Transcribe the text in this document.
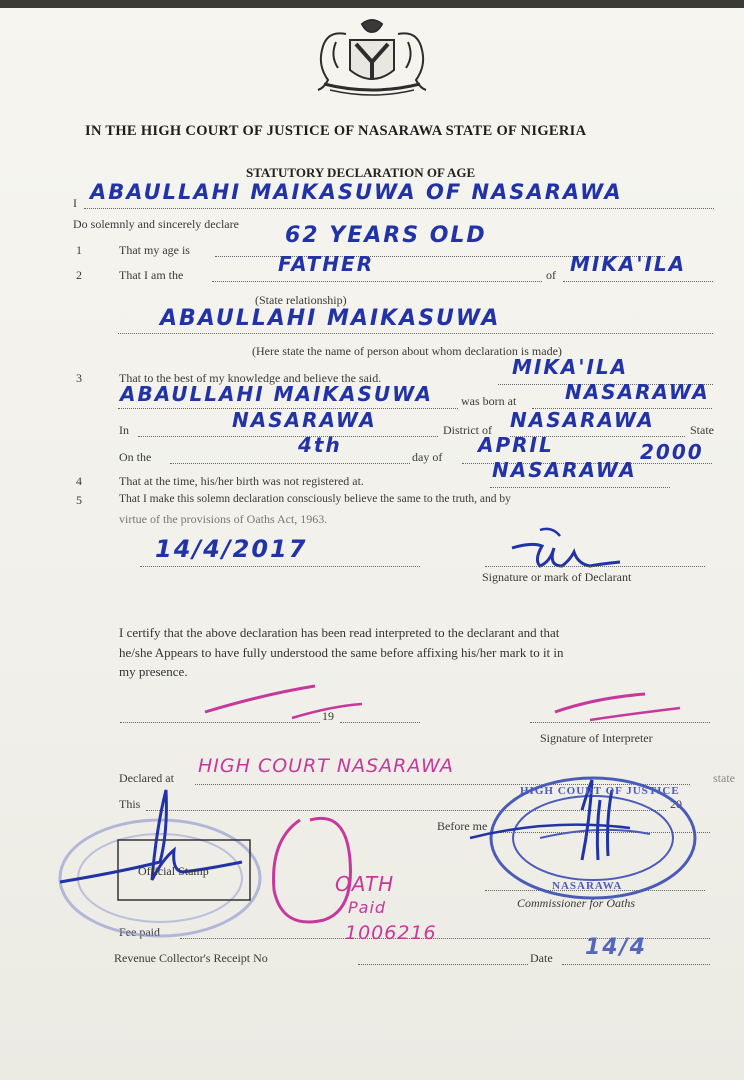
IN THE HIGH COURT OF JUSTICE OF NASARAWA STATE OF NIGERIA
STATUTORY DECLARATION OF AGE
I ABAULLAHI MAIKASUWA OF NASARAWA
Do solemnly and sincerely declare
1	That my age is
62 YEARS OLD
2	That I am the	FATHER	of MIKA'ILA
(State relationship)
ABAULLAHI MAIKASUWA
(Here state the name of person about whom declaration is made)
3	That to the best of my knowledge and believe the said.	MIKA'ILA
ABAULLAHI MAIKASUWA was born at NASARAWA
In	NASARAWA	District of NASARAWA	State
On the	4th	day of APRIL	2000
4	That at the time, his/her birth was not registered at.	NASARAWA
5	That I make this solemn declaration consciously believe the same to the truth, and by
virtue of the provisions of Oaths Act, 1963.
14/4/2017
Signature or mark of Declarant
I certify that the above declaration has been read interpreted to the declarant and that
he/she Appears to have fully understood the same before affixing his/her mark to it in
my presence.
19
Signature of Interpreter
Declared at
HIGH COURT NASARAWA
state
This	20
Before me
Commissioner for Oaths
Fee paid
Revenue Collector's Receipt No	Date 14/4
Official Stamp
HIGH COURT OF JUSTICE
NASARAWA
OATH
Paid
1006216
